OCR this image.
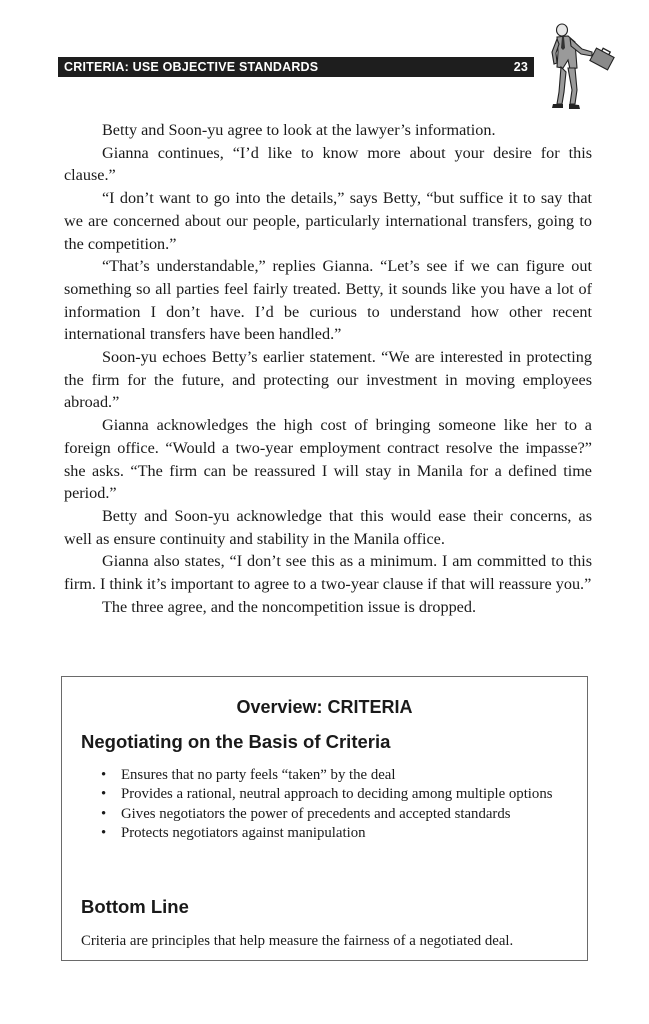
CRITERIA: USE OBJECTIVE STANDARDS	23

Betty and Soon-yu agree to look at the lawyer’s information.

Gianna continues, “I’d like to know more about your desire for this clause.”

“I don’t want to go into the details,” says Betty, “but suffice it to say that we are concerned about our people, particularly international transfers, going to the competition.”

“That’s understandable,” replies Gianna. “Let’s see if we can figure out something so all parties feel fairly treated. Betty, it sounds like you have a lot of information I don’t have. I’d be curious to understand how other recent international transfers have been handled.”

Soon-yu echoes Betty’s earlier statement. “We are interested in protecting the firm for the future, and protecting our investment in moving employees abroad.”

Gianna acknowledges the high cost of bringing someone like her to a foreign office. “Would a two-year employment contract resolve the impasse?” she asks. “The firm can be reassured I will stay in Manila for a defined time period.”

Betty and Soon-yu acknowledge that this would ease their concerns, as well as ensure continuity and stability in the Manila office.

Gianna also states, “I don’t see this as a minimum. I am committed to this firm. I think it’s important to agree to a two-year clause if that will reassure you.”

The three agree, and the noncompetition issue is dropped.

Overview: CRITERIA
Negotiating on the Basis of Criteria
• Ensures that no party feels “taken” by the deal
• Provides a rational, neutral approach to deciding among multiple options
• Gives negotiators the power of precedents and accepted standards
• Protects negotiators against manipulation
Bottom Line
Criteria are principles that help measure the fairness of a negotiated deal.
